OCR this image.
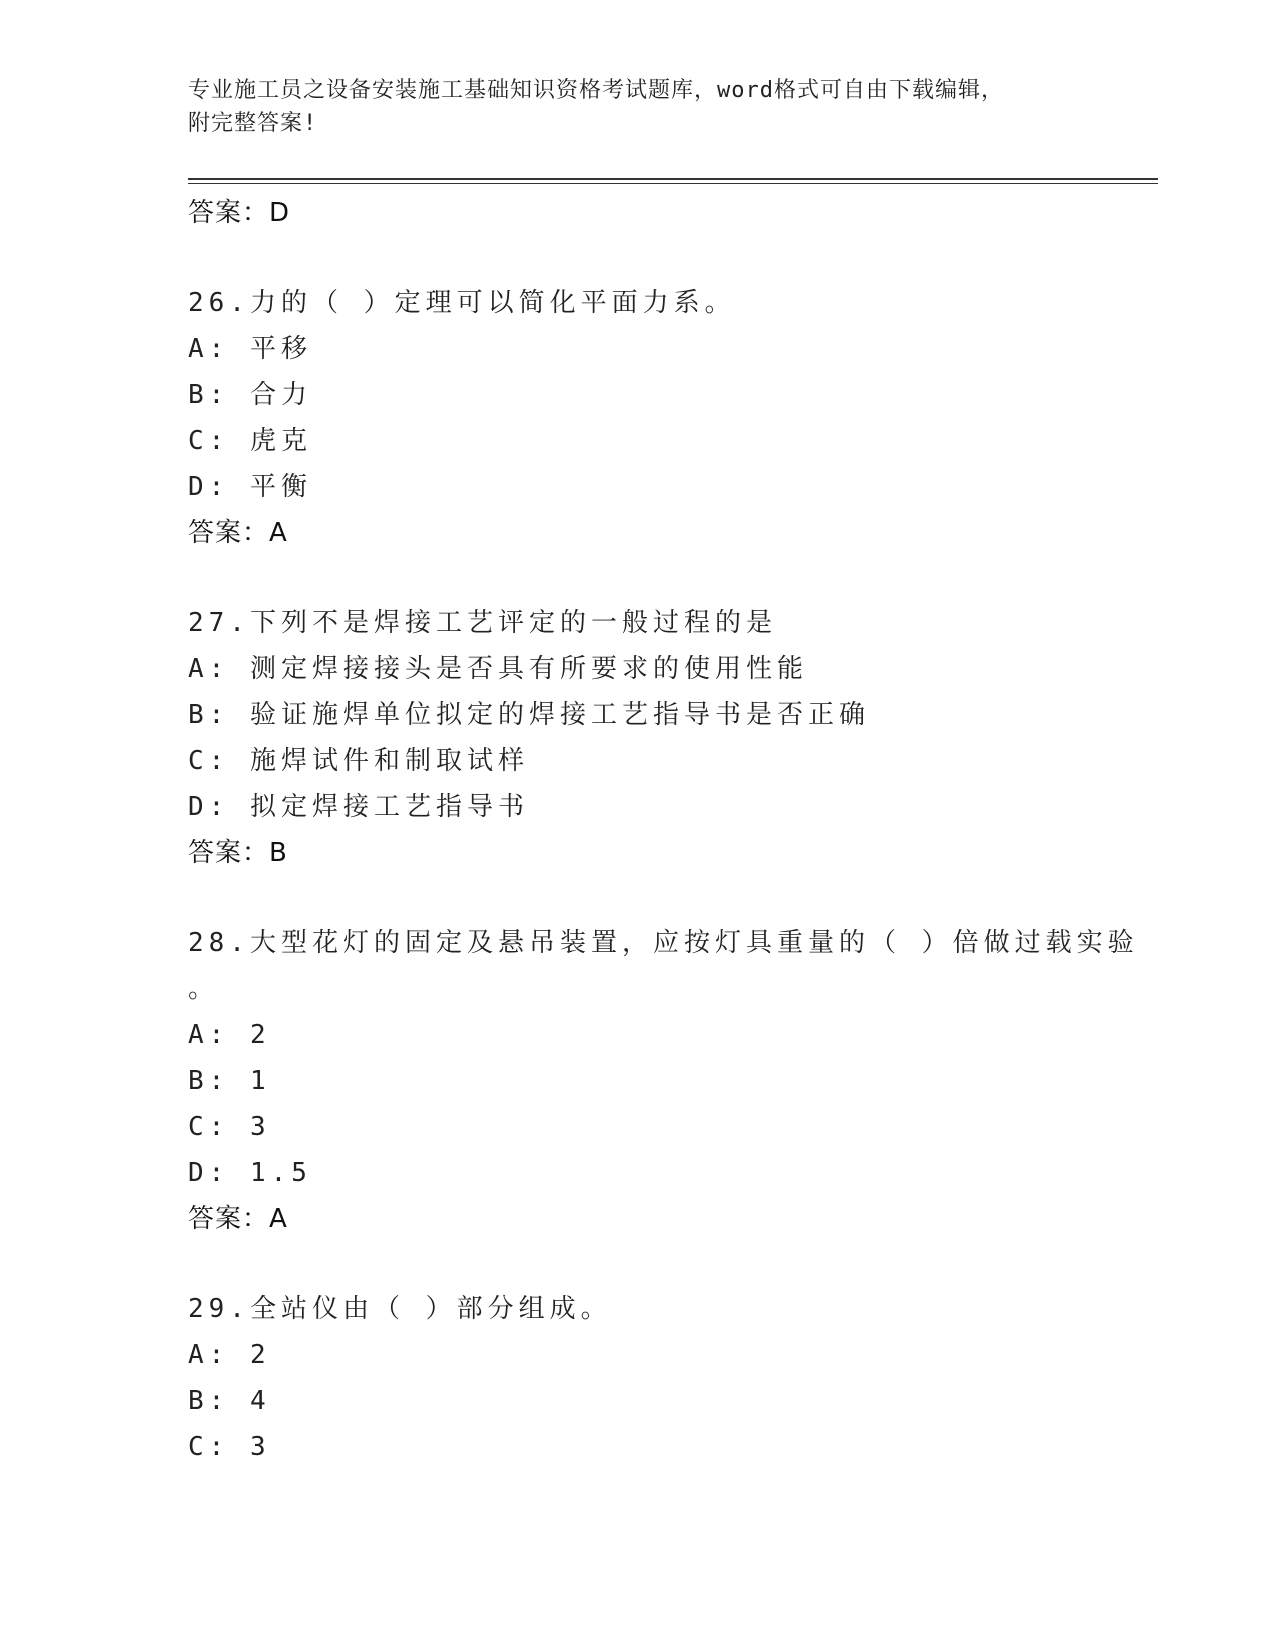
专业施工员之设备安装施工基础知识资格考试题库，word格式可自由下载编辑，
附完整答案!
答案：D
26.力的（ ）定理可以简化平面力系。
A: 平移
B: 合力
C: 虎克
D: 平衡
答案：A
27.下列不是焊接工艺评定的一般过程的是
A: 测定焊接接头是否具有所要求的使用性能
B: 验证施焊单位拟定的焊接工艺指导书是否正确
C: 施焊试件和制取试样
D: 拟定焊接工艺指导书
答案：B
28.大型花灯的固定及悬吊装置，应按灯具重量的（ ）倍做过载实验
。
A: 2
B: 1
C: 3
D: 1.5
答案：A
29.全站仪由（ ）部分组成。
A: 2
B: 4
C: 3
